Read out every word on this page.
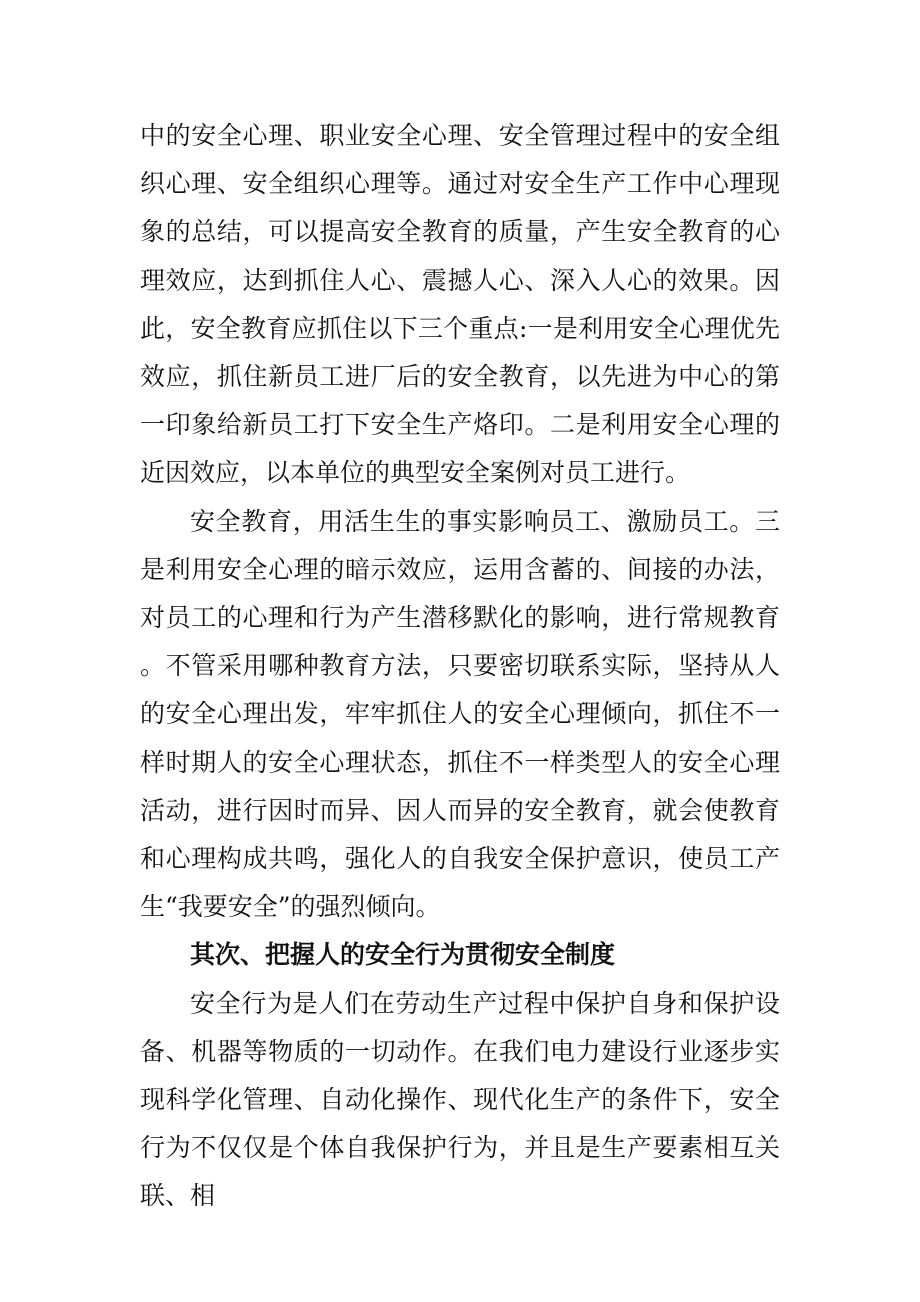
中的安全心理、职业安全心理、安全管理过程中的安全组织心理、安全组织心理等。通过对安全生产工作中心理现象的总结，可以提高安全教育的质量，产生安全教育的心理效应，达到抓住人心、震撼人心、深入人心的效果。因此，安全教育应抓住以下三个重点:一是利用安全心理优先效应，抓住新员工进厂后的安全教育，以先进为中心的第一印象给新员工打下安全生产烙印。二是利用安全心理的近因效应，以本单位的典型安全案例对员工进行。

安全教育，用活生生的事实影响员工、激励员工。三是利用安全心理的暗示效应，运用含蓄的、间接的办法，对员工的心理和行为产生潜移默化的影响，进行常规教育。不管采用哪种教育方法，只要密切联系实际，坚持从人的安全心理出发，牢牢抓住人的安全心理倾向，抓住不一样时期人的安全心理状态，抓住不一样类型人的安全心理活动，进行因时而异、因人而异的安全教育，就会使教育和心理构成共鸣，强化人的自我安全保护意识，使员工产生“我要安全”的强烈倾向。

其次、把握人的安全行为贯彻安全制度

安全行为是人们在劳动生产过程中保护自身和保护设备、机器等物质的一切动作。在我们电力建设行业逐步实现科学化管理、自动化操作、现代化生产的条件下，安全行为不仅仅是个体自我保护行为，并且是生产要素相互关联、相
